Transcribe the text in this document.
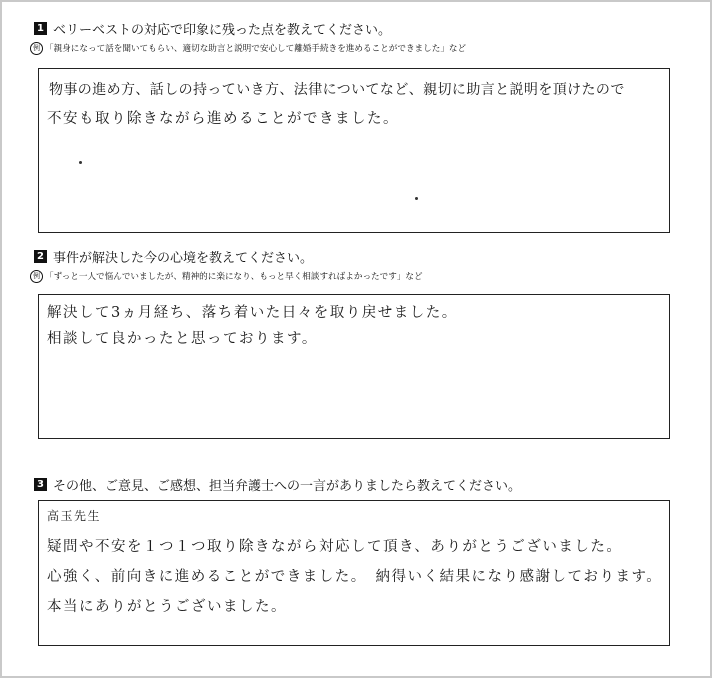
1 ベリーベストの対応で印象に残った点を教えてください。
例 「親身になって話を聞いてもらい、適切な助言と説明で安心して離婚手続きを進めることができました」など
物事の進め方、話しの持っていき方、法律についてなど、親切に助言と説明を頂けたので
不安も取り除きながら進めることができました。
2 事件が解決した今の心境を教えてください。
例 「ずっと一人で悩んでいましたが、精神的に楽になり、もっと早く相談すればよかったです」など
解決して3ヵ月経ち、落ち着いた日々を取り戻せました。
相談して良かったと思っております。
3 その他、ご意見、ご感想、担当弁護士への一言がありましたら教えてください。
高玉先生
疑問や不安を１つ１つ取り除きながら対応して頂き、ありがとうございました。
心強く、前向きに進めることができました。　納得いく結果になり感謝しております。
本当にありがとうございました。
